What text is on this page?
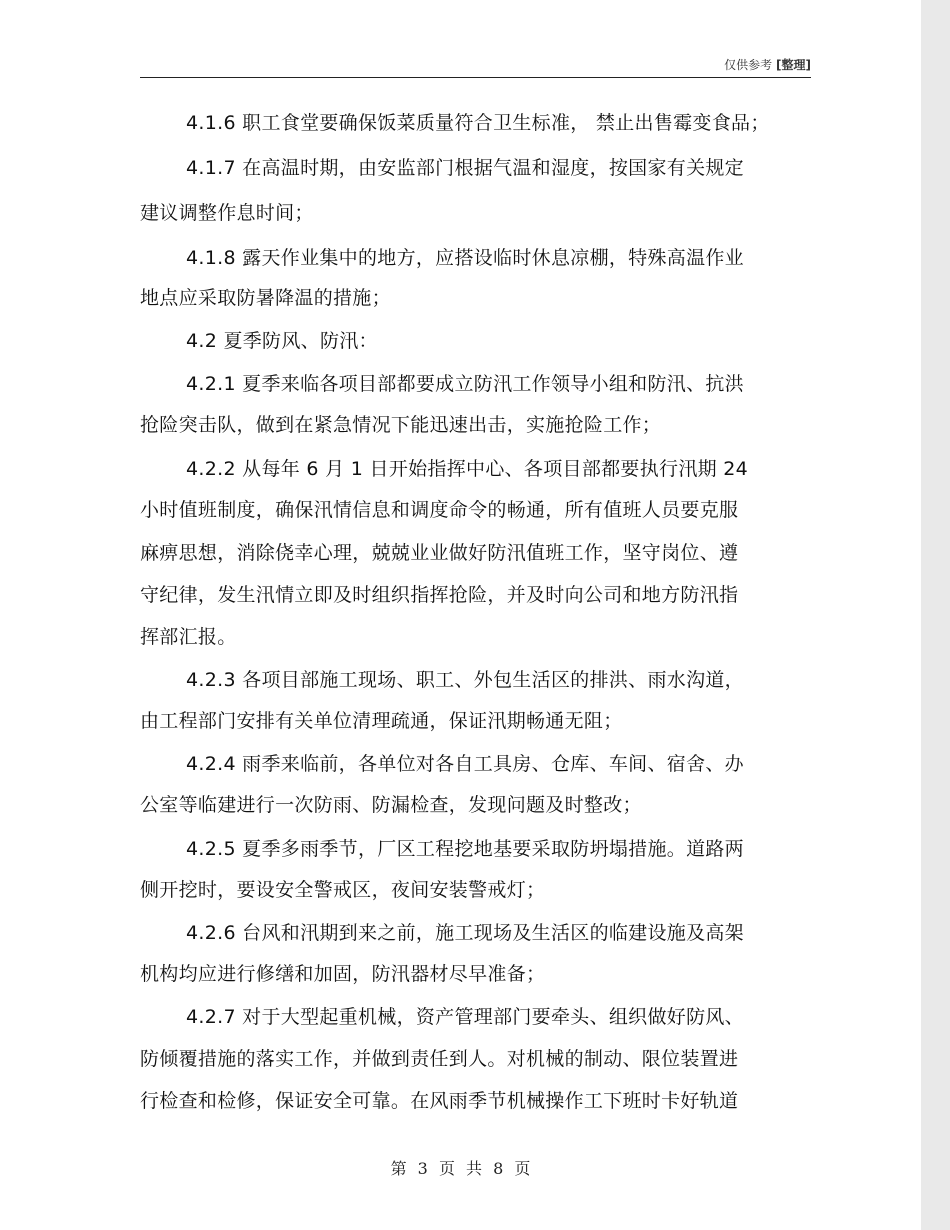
仅供参考 [整理]
4.1.6 职工食堂要确保饭菜质量符合卫生标准， 禁止出售霉变食品；
4.1.7 在高温时期，由安监部门根据气温和湿度，按国家有关规定
建议调整作息时间；
4.1.8 露天作业集中的地方，应搭设临时休息凉棚，特殊高温作业
地点应采取防暑降温的措施；
4.2 夏季防风、防汛：
4.2.1 夏季来临各项目部都要成立防汛工作领导小组和防汛、抗洪
抢险突击队，做到在紧急情况下能迅速出击，实施抢险工作；
4.2.2 从每年 6 月 1 日开始指挥中心、各项目部都要执行汛期 24
小时值班制度，确保汛情信息和调度命令的畅通，所有值班人员要克服
麻痹思想，消除侥幸心理，兢兢业业做好防汛值班工作，坚守岗位、遵
守纪律，发生汛情立即及时组织指挥抢险，并及时向公司和地方防汛指
挥部汇报。
4.2.3 各项目部施工现场、职工、外包生活区的排洪、雨水沟道，
由工程部门安排有关单位清理疏通，保证汛期畅通无阻；
4.2.4 雨季来临前，各单位对各自工具房、仓库、车间、宿舍、办
公室等临建进行一次防雨、防漏检查，发现问题及时整改；
4.2.5 夏季多雨季节，厂区工程挖地基要采取防坍塌措施。道路两
侧开挖时，要设安全警戒区，夜间安装警戒灯；
4.2.6 台风和汛期到来之前，施工现场及生活区的临建设施及高架
机构均应进行修缮和加固，防汛器材尽早准备；
4.2.7 对于大型起重机械，资产管理部门要牵头、组织做好防风、
防倾覆措施的落实工作，并做到责任到人。对机械的制动、限位装置进
行检查和检修，保证安全可靠。在风雨季节机械操作工下班时卡好轨道
第 3 页 共 8 页
